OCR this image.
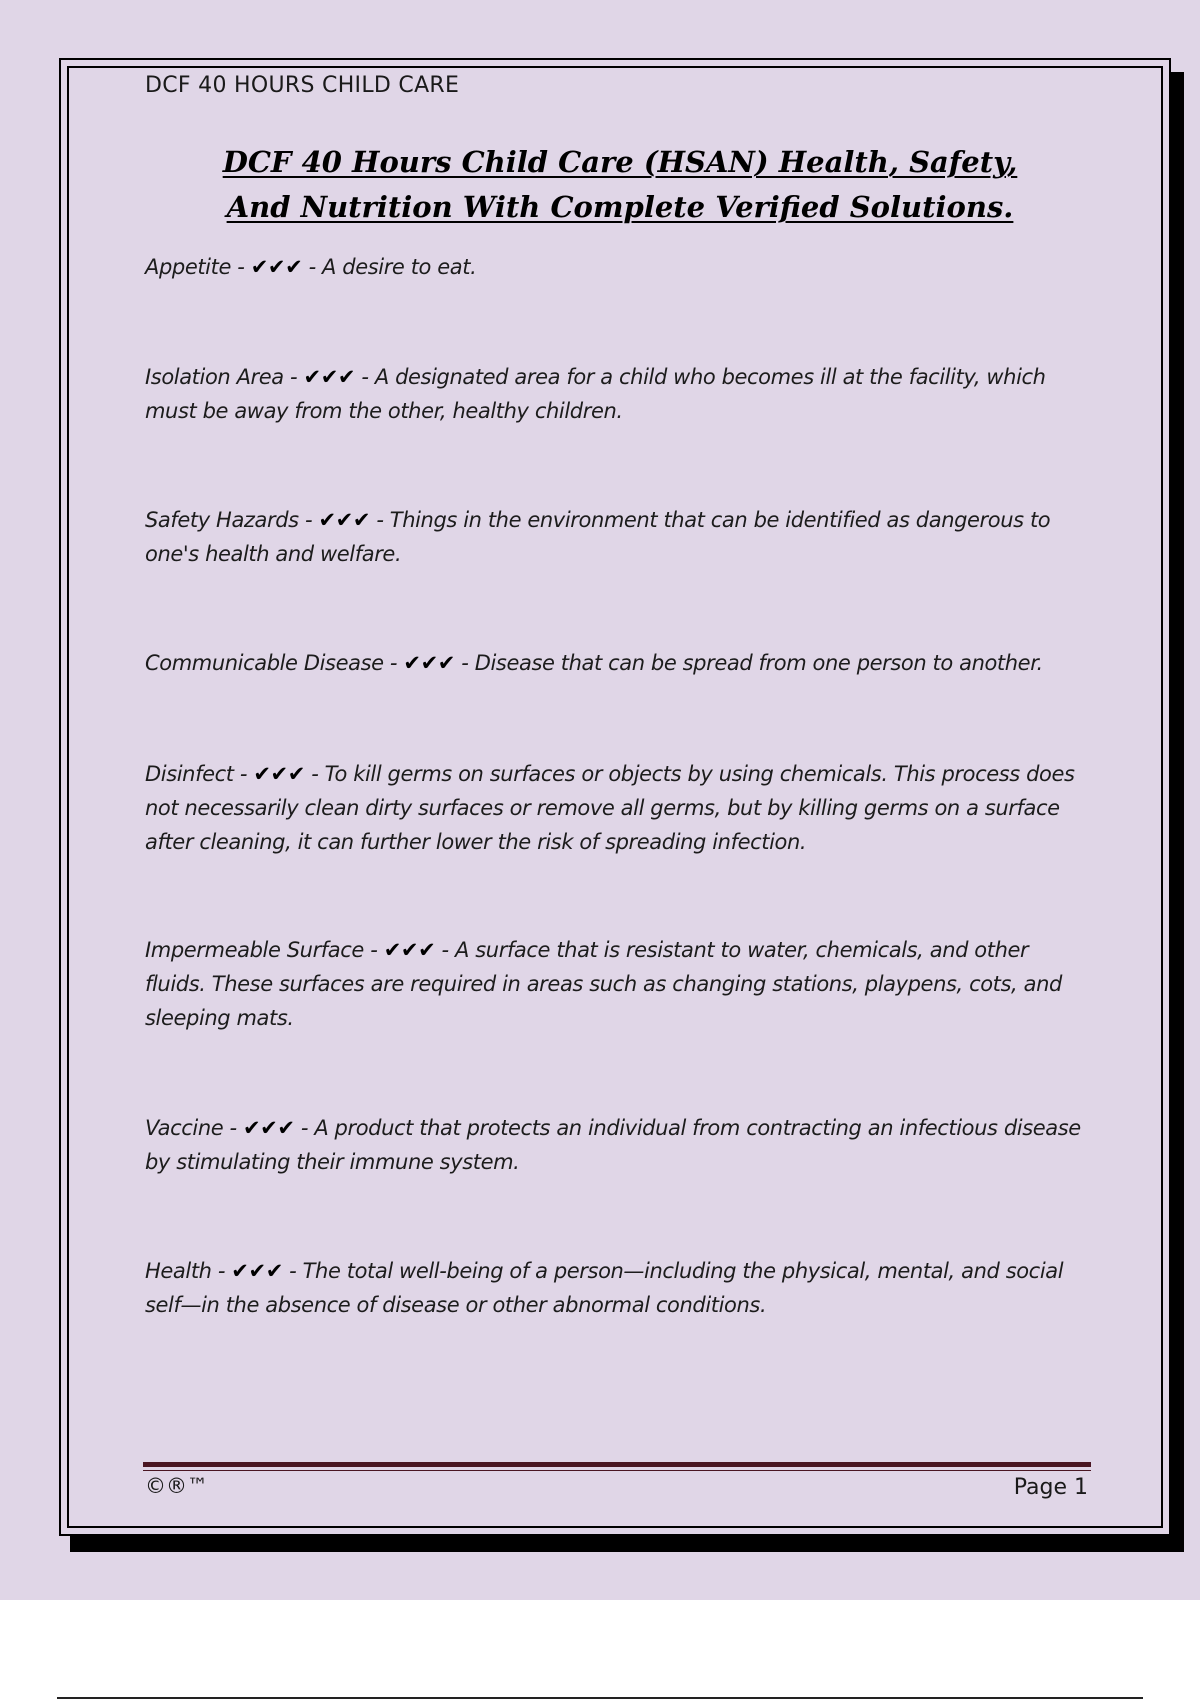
DCF 40 HOURS CHILD CARE
DCF 40 Hours Child Care (HSAN) Health, Safety,
And Nutrition With Complete Verified Solutions.
Appetite - ✔✔✔ - A desire to eat.
Isolation Area - ✔✔✔ - A designated area for a child who becomes ill at the facility, which must be away from the other, healthy children.
Safety Hazards - ✔✔✔ - Things in the environment that can be identified as dangerous to one's health and welfare.
Communicable Disease - ✔✔✔ - Disease that can be spread from one person to another.
Disinfect - ✔✔✔ - To kill germs on surfaces or objects by using chemicals. This process does not necessarily clean dirty surfaces or remove all germs, but by killing germs on a surface after cleaning, it can further lower the risk of spreading infection.
Impermeable Surface - ✔✔✔ - A surface that is resistant to water, chemicals, and other fluids. These surfaces are required in areas such as changing stations, playpens, cots, and sleeping mats.
Vaccine - ✔✔✔ - A product that protects an individual from contracting an infectious disease by stimulating their immune system.
Health - ✔✔✔ - The total well-being of a person—including the physical, mental, and social self—in the absence of disease or other abnormal conditions.
©®™	Page 1
